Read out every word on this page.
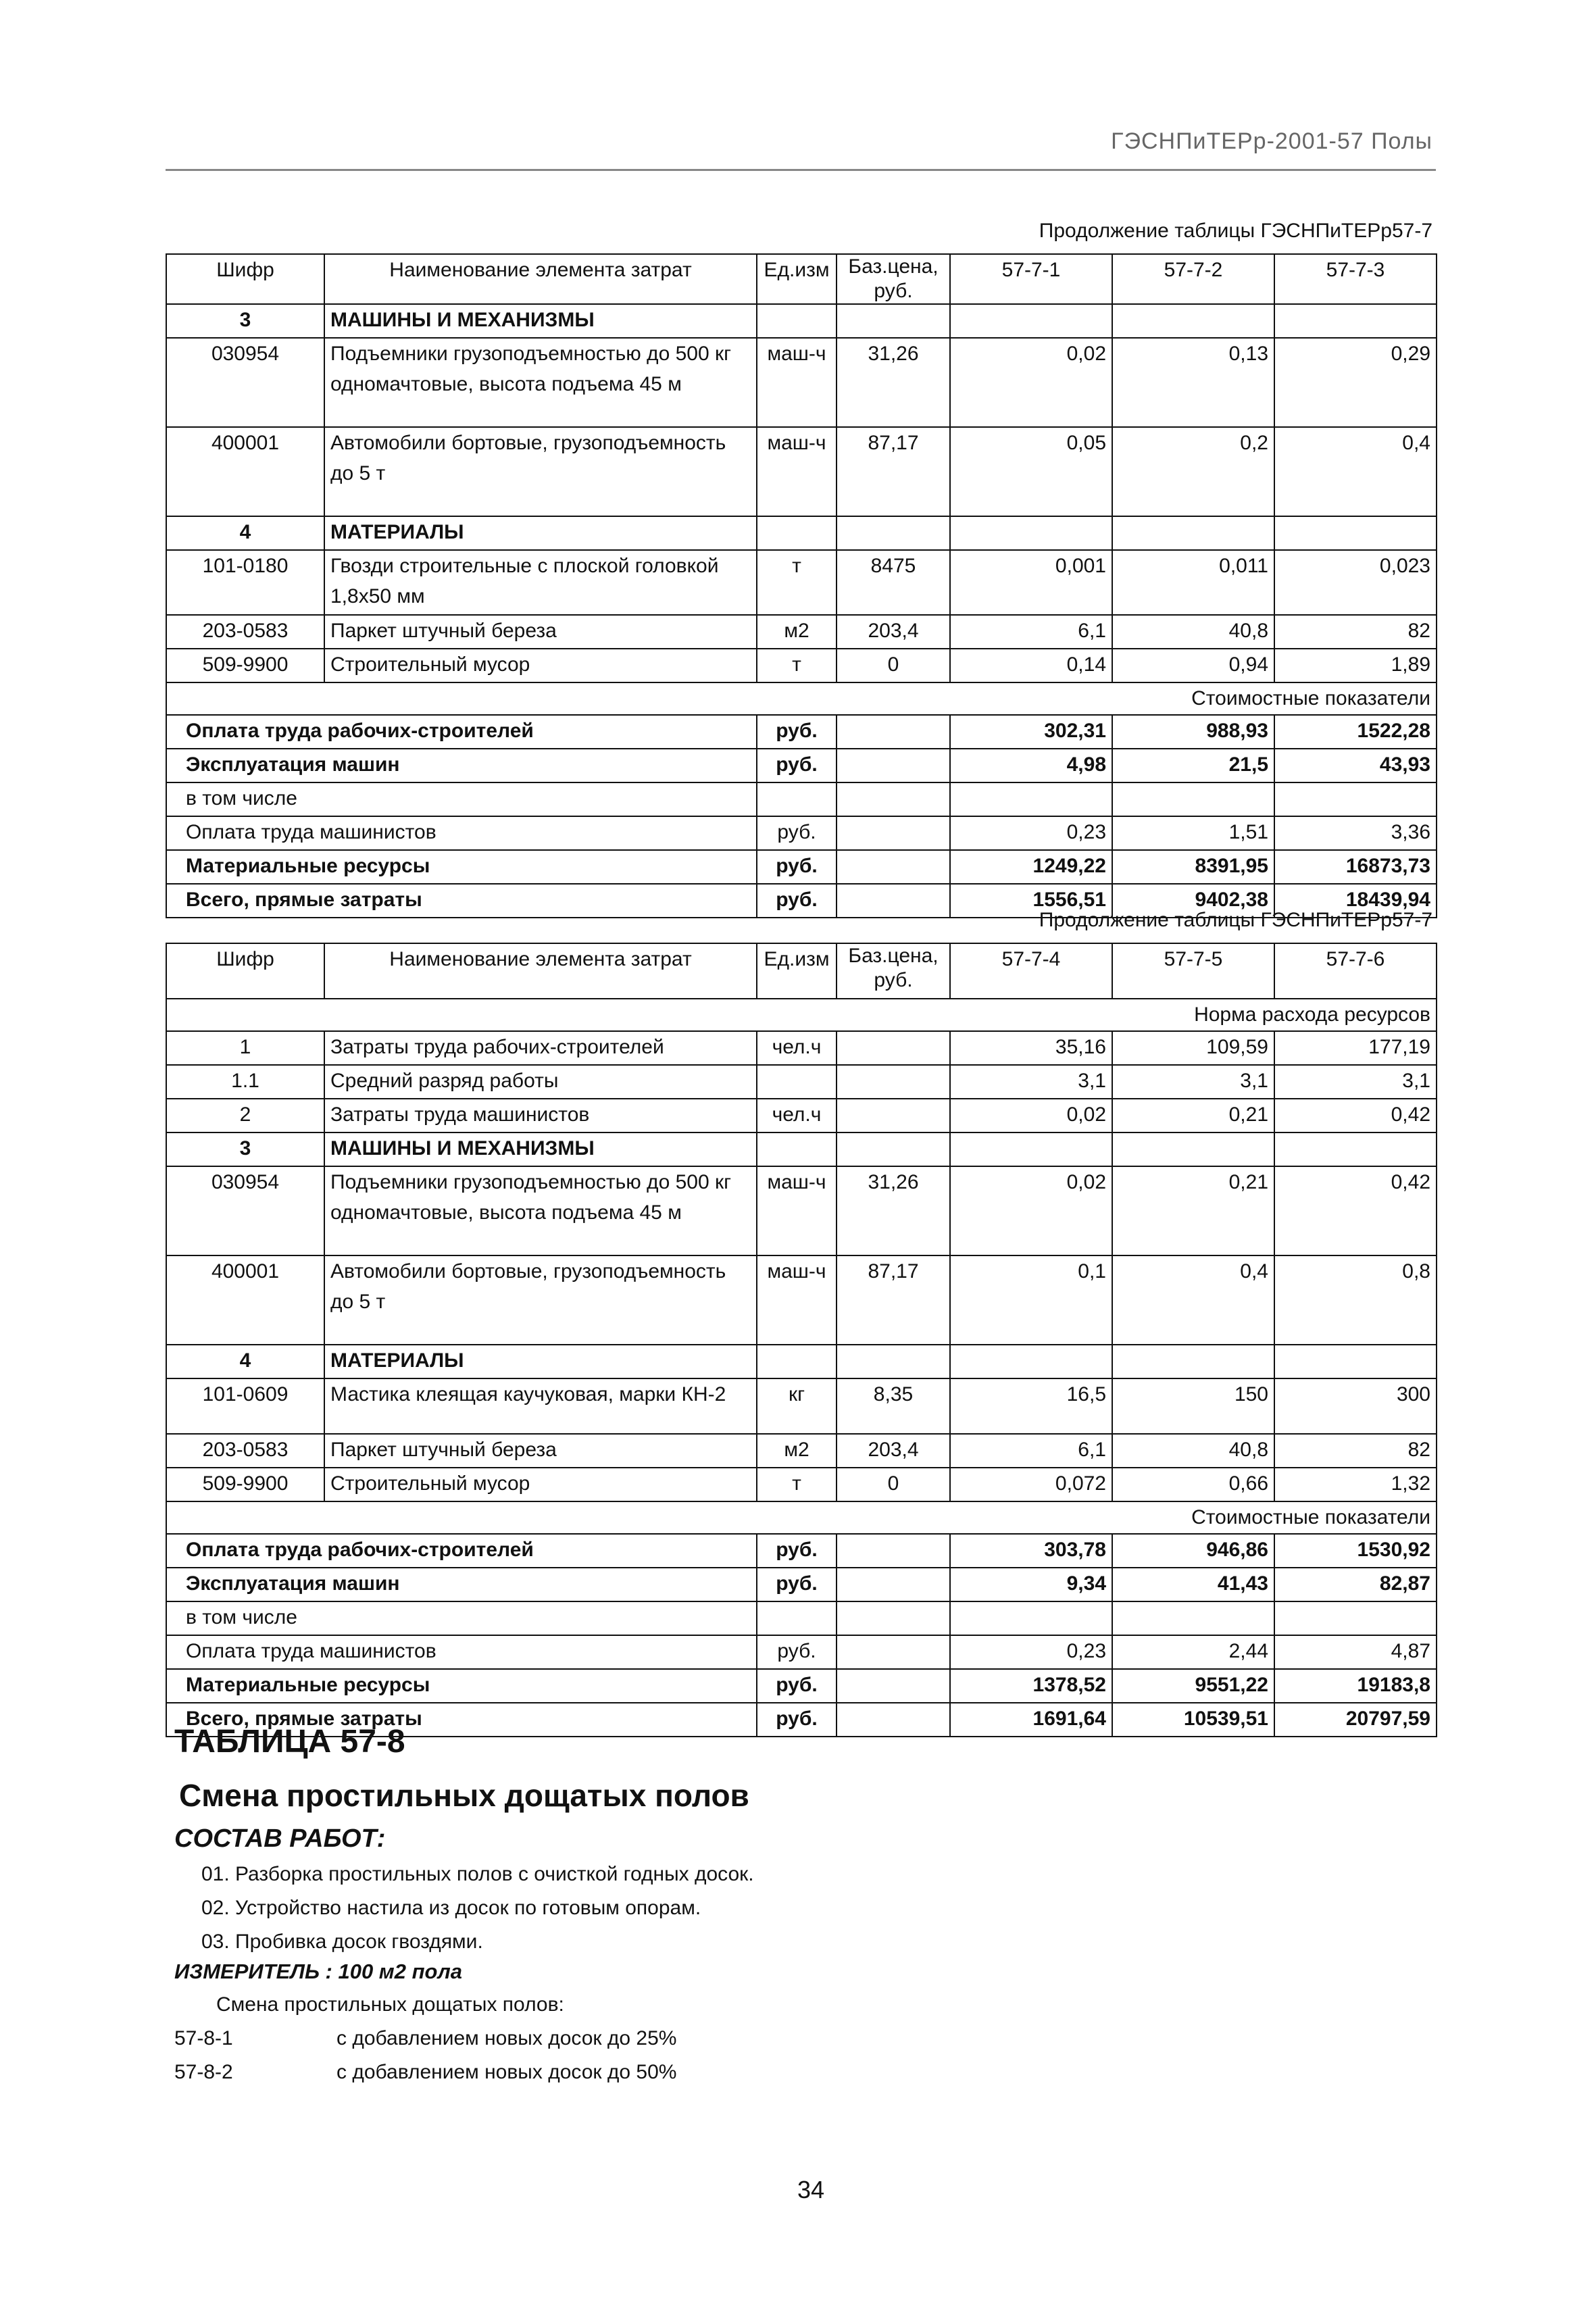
ГЭСНПиТЕРр-2001-57 Полы
Продолжение таблицы ГЭСНПиТЕРр57-7
Шифр	Наименование элемента затрат	Ед.изм	Баз.цена, руб.	57-7-1	57-7-2	57-7-3
3	МАШИНЫ И МЕХАНИЗМЫ					
030954	Подъемники грузоподъемностью до 500 кг одномачтовые, высота подъема 45 м	маш-ч	31,26	0,02	0,13	0,29
400001	Автомобили бортовые, грузоподъемность до 5 т	маш-ч	87,17	0,05	0,2	0,4
4	МАТЕРИАЛЫ					
101-0180	Гвозди строительные с плоской головкой 1,8x50 мм	т	8475	0,001	0,011	0,023
203-0583	Паркет штучный береза	м2	203,4	6,1	40,8	82
509-9900	Строительный мусор	т	0	0,14	0,94	1,89
Стоимостные показатели						
Оплата труда рабочих-строителей		руб.		302,31	988,93	1522,28
Эксплуатация машин		руб.		4,98	21,5	43,93
в том числе						
Оплата труда машинистов		руб.		0,23	1,51	3,36
Материальные ресурсы		руб.		1249,22	8391,95	16873,73
Всего, прямые затраты		руб.		1556,51	9402,38	18439,94
Продолжение таблицы ГЭСНПиТЕРр57-7
Шифр	Наименование элемента затрат	Ед.изм	Баз.цена, руб.	57-7-4	57-7-5	57-7-6
Норма расхода ресурсов						
1	Затраты труда рабочих-строителей	чел.ч		35,16	109,59	177,19
1.1	Средний разряд работы			3,1	3,1	3,1
2	Затраты труда машинистов	чел.ч		0,02	0,21	0,42
3	МАШИНЫ И МЕХАНИЗМЫ					
030954	Подъемники грузоподъемностью до 500 кг одномачтовые, высота подъема 45 м	маш-ч	31,26	0,02	0,21	0,42
400001	Автомобили бортовые, грузоподъемность до 5 т	маш-ч	87,17	0,1	0,4	0,8
4	МАТЕРИАЛЫ					
101-0609	Мастика клеящая каучуковая, марки КН-2	кг	8,35	16,5	150	300
203-0583	Паркет штучный береза	м2	203,4	6,1	40,8	82
509-9900	Строительный мусор	т	0	0,072	0,66	1,32
Стоимостные показатели						
Оплата труда рабочих-строителей		руб.		303,78	946,86	1530,92
Эксплуатация машин		руб.		9,34	41,43	82,87
в том числе						
Оплата труда машинистов		руб.		0,23	2,44	4,87
Материальные ресурсы		руб.		1378,52	9551,22	19183,8
Всего, прямые затраты		руб.		1691,64	10539,51	20797,59
ТАБЛИЦА 57-8
Смена простильных дощатых полов
СОСТАВ РАБОТ:
01. Разборка простильных полов с очисткой годных досок.
02. Устройство настила из досок по готовым опорам.
03. Пробивка досок гвоздями.
ИЗМЕРИТЕЛЬ : 100 м2 пола
Смена простильных дощатых полов:
57-8-1	с добавлением новых досок до 25%
57-8-2	с добавлением новых досок до 50%
34
